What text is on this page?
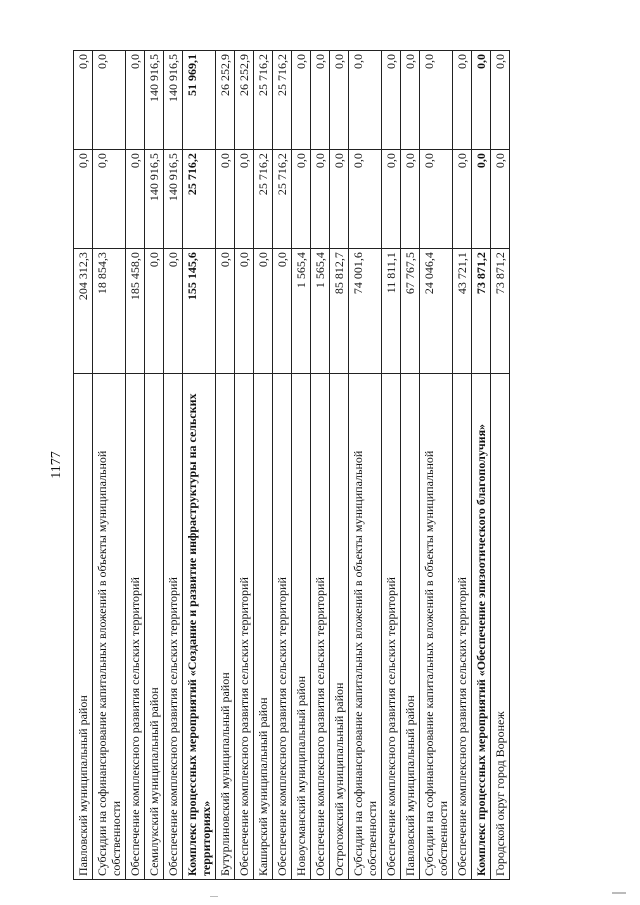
1177
Павловский муниципальный район	204 312,3	0,0	0,0
Субсидии на софинансирование капитальных вложений в объекты муниципальной собственности	18 854,3	0,0	0,0
Обеспечение комплексного развития сельских территорий	185 458,0	0,0	0,0
Семилукский муниципальный район	0,0	140 916,5	140 916,5
Обеспечение комплексного развития сельских территорий	0,0	140 916,5	140 916,5
Комплекс процессных мероприятий «Создание и развитие инфраструктуры на сельских территориях»	155 145,6	25 716,2	51 969,1
Бутурлиновский муниципальный район	0,0	0,0	26 252,9
Обеспечение комплексного развития сельских территорий	0,0	0,0	26 252,9
Каширский муниципальный район	0,0	25 716,2	25 716,2
Обеспечение комплексного развития сельских территорий	0,0	25 716,2	25 716,2
Новоусманский муниципальный район	1 565,4	0,0	0,0
Обеспечение комплексного развития сельских территорий	1 565,4	0,0	0,0
Острогожский муниципальный район	85 812,7	0,0	0,0
Субсидии на софинансирование капитальных вложений в объекты муниципальной собственности	74 001,6	0,0	0,0
Обеспечение комплексного развития сельских территорий	11 811,1	0,0	0,0
Павловский муниципальный район	67 767,5	0,0	0,0
Субсидии на софинансирование капитальных вложений в объекты муниципальной собственности	24 046,4	0,0	0,0
Обеспечение комплексного развития сельских территорий	43 721,1	0,0	0,0
Комплекс процессных мероприятий «Обеспечение эпизоотического благополучия»	73 871,2	0,0	0,0
Городской округ город Воронеж	73 871,2	0,0	0,0
